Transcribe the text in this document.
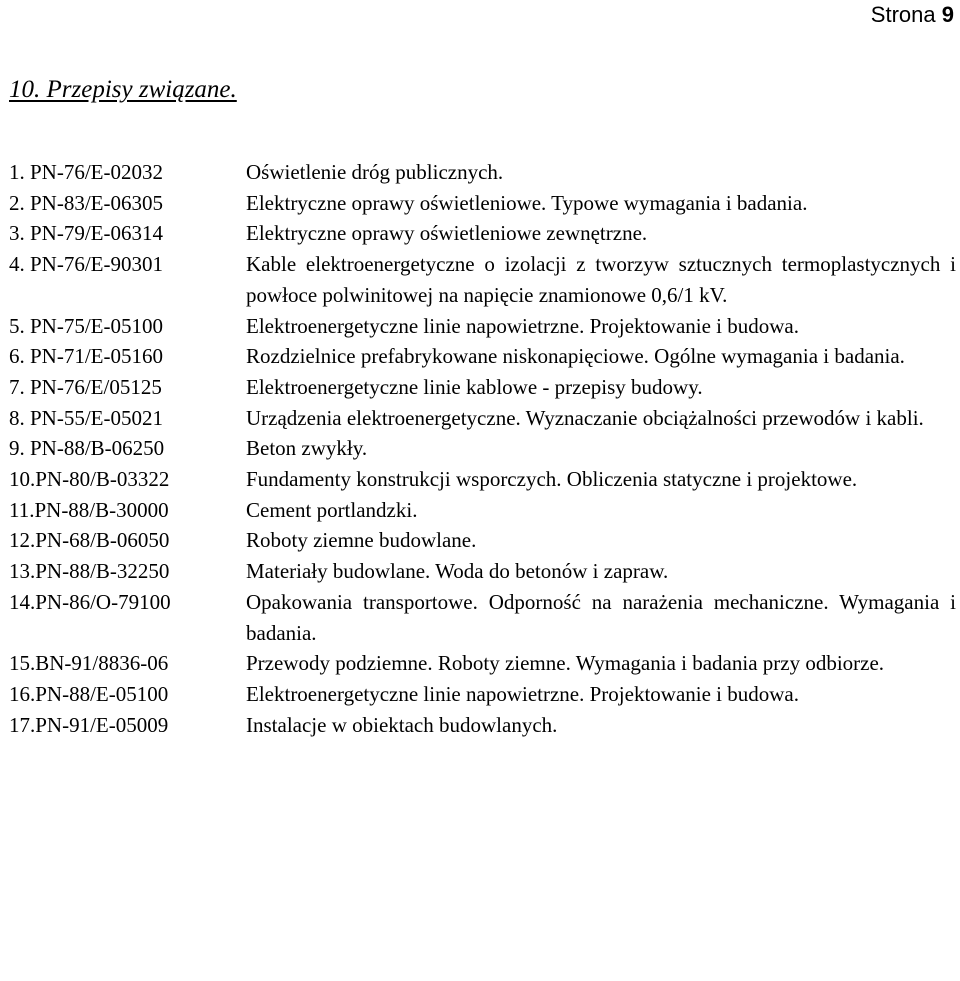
Strona 9
10. Przepisy związane.
1. PN-76/E-02032	Oświetlenie dróg publicznych.
2. PN-83/E-06305	Elektryczne oprawy oświetleniowe. Typowe wymagania i badania.
3. PN-79/E-06314	Elektryczne oprawy oświetleniowe zewnętrzne.
4. PN-76/E-90301	Kable elektroenergetyczne o izolacji z tworzyw sztucznych termoplastycznych i powłoce polwinitowej na napięcie znamionowe 0,6/1 kV.
5. PN-75/E-05100	Elektroenergetyczne linie napowietrzne. Projektowanie i budowa.
6. PN-71/E-05160	Rozdzielnice prefabrykowane niskonapięciowe. Ogólne wymagania i badania.
7. PN-76/E/05125	Elektroenergetyczne linie kablowe - przepisy budowy.
8. PN-55/E-05021	Urządzenia elektroenergetyczne. Wyznaczanie obciążalności przewodów i kabli.
9. PN-88/B-06250	Beton zwykły.
10.PN-80/B-03322	Fundamenty konstrukcji wsporczych. Obliczenia statyczne i projektowe.
11.PN-88/B-30000	Cement portlandzki.
12.PN-68/B-06050	Roboty ziemne budowlane.
13.PN-88/B-32250	Materiały budowlane. Woda do betonów i zapraw.
14.PN-86/O-79100	Opakowania transportowe. Odporność na narażenia mechaniczne. Wymagania i badania.
15.BN-91/8836-06	Przewody podziemne. Roboty ziemne. Wymagania i badania przy odbiorze.
16.PN-88/E-05100	Elektroenergetyczne linie napowietrzne. Projektowanie i budowa.
17.PN-91/E-05009	Instalacje w obiektach budowlanych.
